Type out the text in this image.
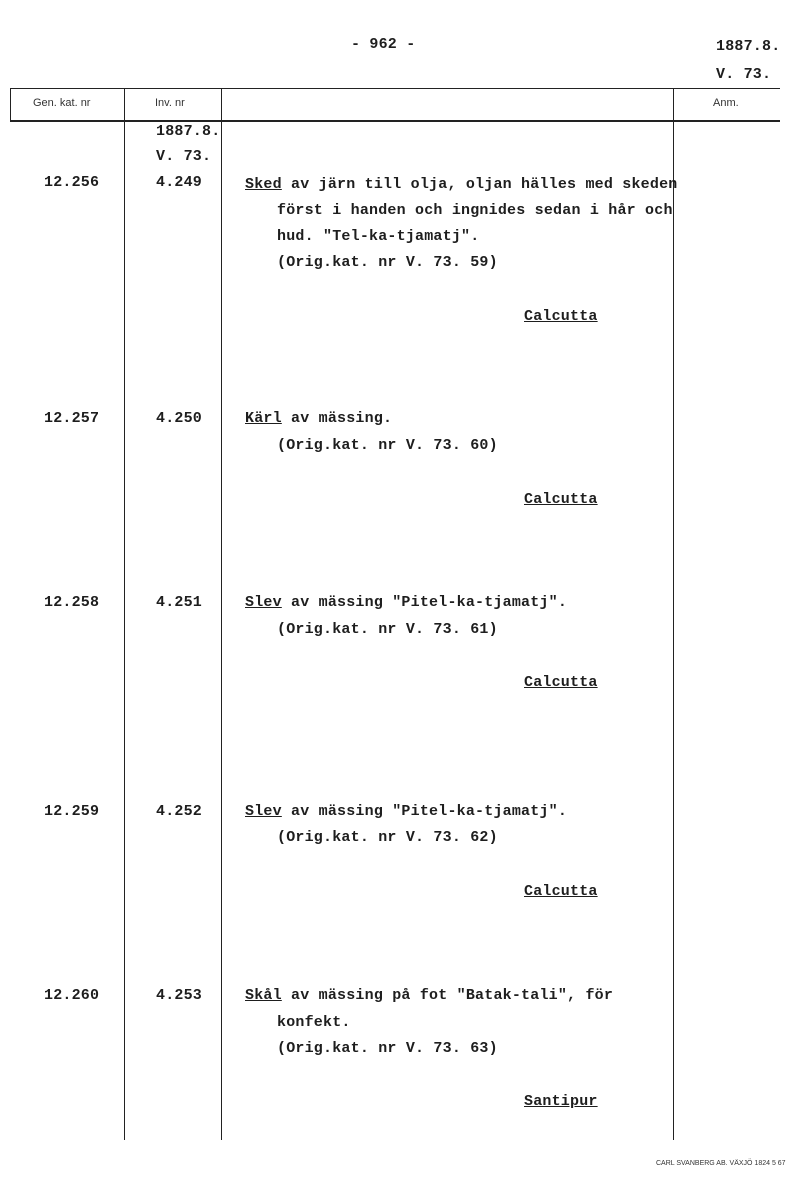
- 962 -	1887.8.
V. 73.
Gen. kat. nr	Inv. nr	Anm.
1887.8.
V. 73.
12.256	4.249	Sked av järn till olja, oljan hälles med skeden
först i handen och ingnides sedan i hår och
hud. "Tel-ka-tjamatj".
(Orig.kat. nr V. 73. 59)
Calcutta
12.257	4.250	Kärl av mässing.
(Orig.kat. nr V. 73. 60)
Calcutta
12.258	4.251	Slev av mässing "Pitel-ka-tjamatj".
(Orig.kat. nr V. 73. 61)
Calcutta
12.259	4.252	Slev av mässing "Pitel-ka-tjamatj".
(Orig.kat. nr V. 73. 62)
Calcutta
12.260	4.253	Skål av mässing på fot "Batak-tali", för
konfekt.
(Orig.kat. nr V. 73. 63)
Santipur
CARL SVANBERG AB. VÄXJÖ 1824 5 67
